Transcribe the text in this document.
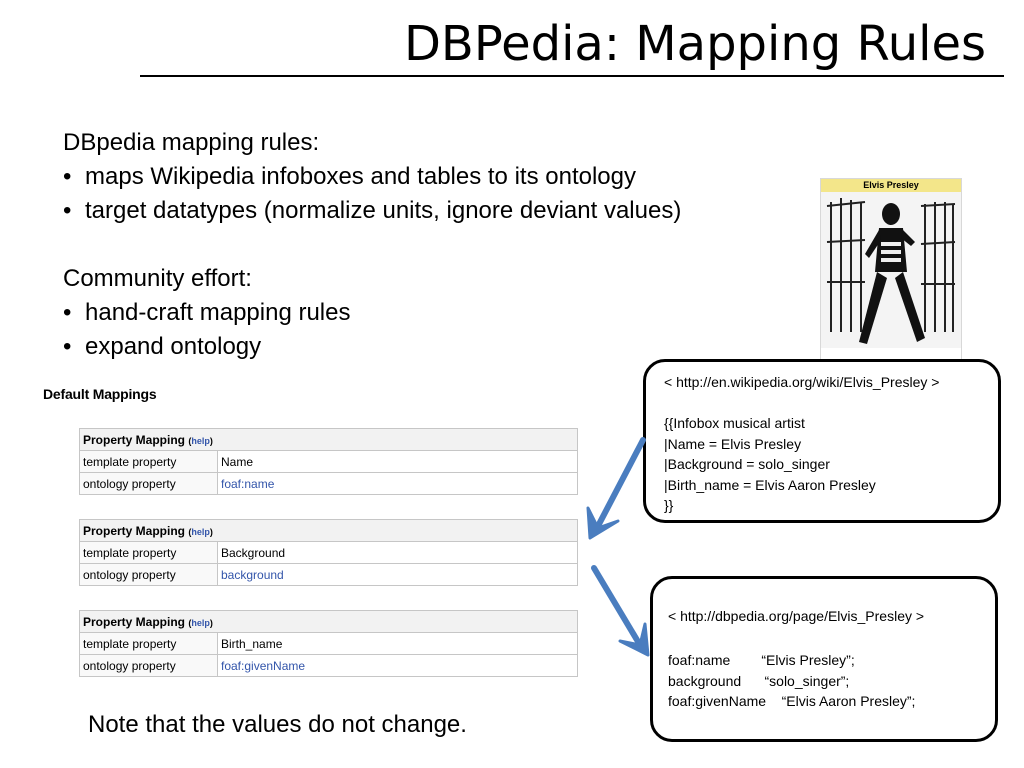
DBPedia: Mapping Rules

DBpedia mapping rules:

• maps Wikipedia infoboxes and tables to its ontology
• target datatypes (normalize units, ignore deviant values)

Community effort:

• hand-craft mapping rules
• expand ontology

Elvis Presley

Default Mappings
Property Mapping (help)	
template property	Name
ontology property	foaf:name
Property Mapping (help)	
template property	Background
ontology property	background
Property Mapping (help)	
template property	Birth_name
ontology property	foaf:givenName
Note that the values do not change.

< http://en.wikipedia.org/wiki/Elvis_Presley >

{{Infobox musical artist

|Name = Elvis Presley

|Background = solo_singer

|Birth_name = Elvis Aaron Presley

}}

< http://dbpedia.org/page/Elvis_Presley >

foaf:name        “Elvis Presley”;

background      “solo_singer”;

foaf:givenName    “Elvis Aaron Presley”;
